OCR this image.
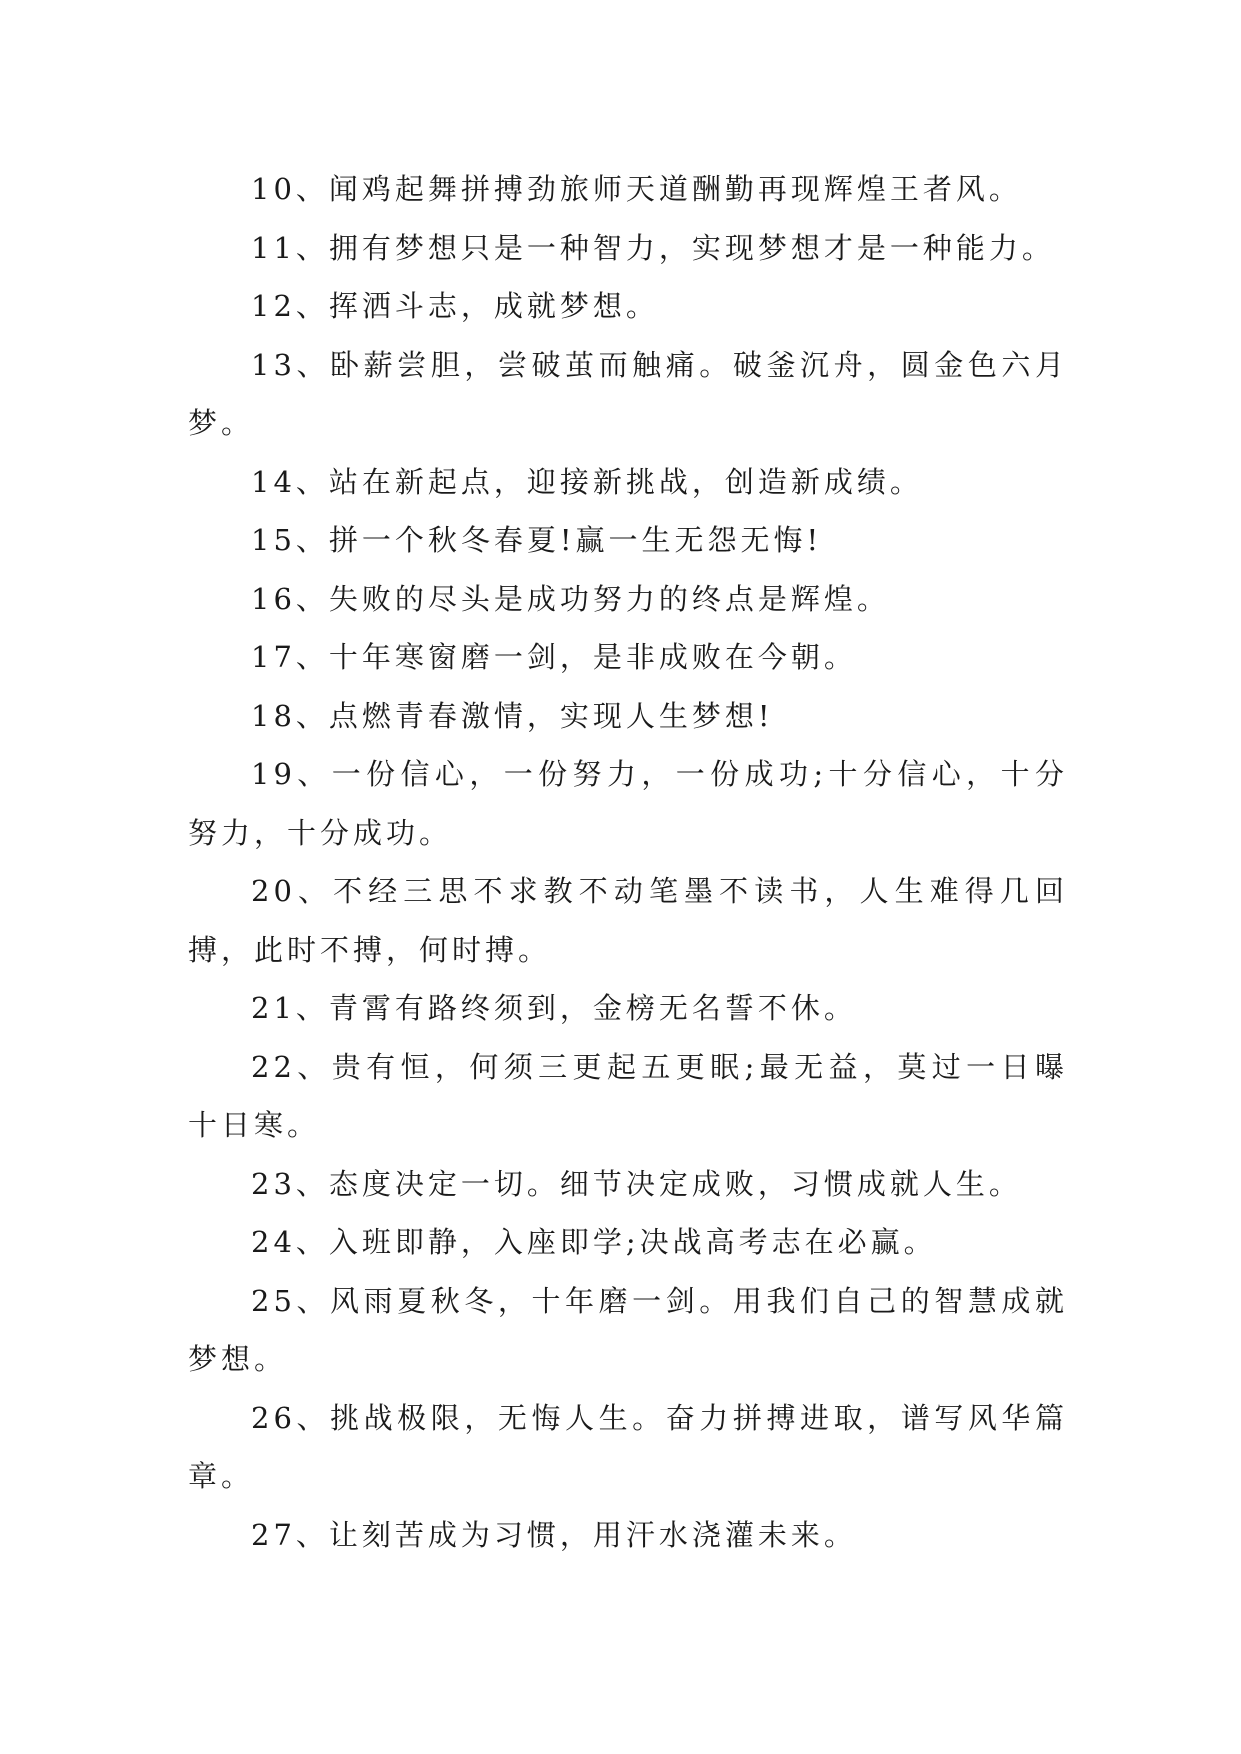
10、闻鸡起舞拼搏劲旅师天道酬勤再现辉煌王者风。

11、拥有梦想只是一种智力，实现梦想才是一种能力。

12、挥洒斗志，成就梦想。

13、卧薪尝胆，尝破茧而触痛。破釜沉舟，圆金色六月梦。

14、站在新起点，迎接新挑战，创造新成绩。

15、拼一个秋冬春夏!赢一生无怨无悔!

16、失败的尽头是成功努力的终点是辉煌。

17、十年寒窗磨一剑，是非成败在今朝。

18、点燃青春激情，实现人生梦想!

19、一份信心，一份努力，一份成功;十分信心，十分努力，十分成功。

20、不经三思不求教不动笔墨不读书，人生难得几回搏，此时不搏，何时搏。

21、青霄有路终须到，金榜无名誓不休。

22、贵有恒，何须三更起五更眠;最无益，莫过一日曝十日寒。

23、态度决定一切。细节决定成败，习惯成就人生。

24、入班即静，入座即学;决战高考志在必赢。

25、风雨夏秋冬，十年磨一剑。用我们自己的智慧成就梦想。

26、挑战极限，无悔人生。奋力拼搏进取，谱写风华篇章。

27、让刻苦成为习惯，用汗水浇灌未来。
